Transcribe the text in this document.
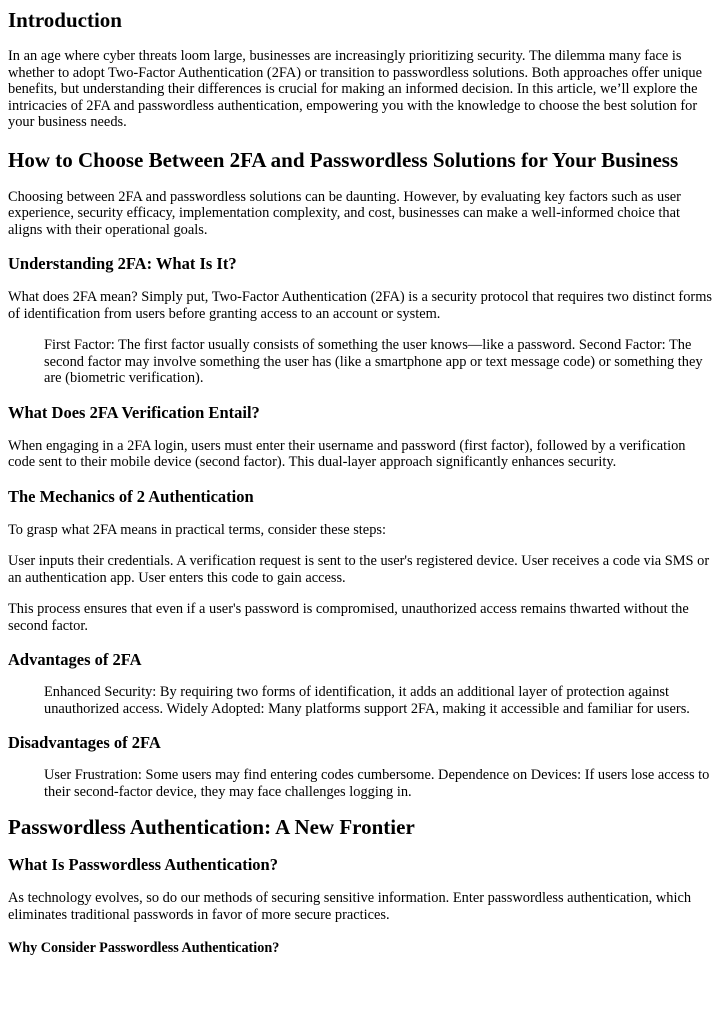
Introduction

In an age where cyber threats loom large, businesses are increasingly prioritizing security. The dilemma many face is whether to adopt Two-Factor Authentication (2FA) or transition to passwordless solutions. Both approaches offer unique benefits, but understanding their differences is crucial for making an informed decision. In this article, we’ll explore the intricacies of 2FA and passwordless authentication, empowering you with the knowledge to choose the best solution for your business needs.

How to Choose Between 2FA and Passwordless Solutions for Your Business

Choosing between 2FA and passwordless solutions can be daunting. However, by evaluating key factors such as user experience, security efficacy, implementation complexity, and cost, businesses can make a well-informed choice that aligns with their operational goals.

Understanding 2FA: What Is It?

What does 2FA mean? Simply put, Two-Factor Authentication (2FA) is a security protocol that requires two distinct forms of identification from users before granting access to an account or system.

First Factor: The first factor usually consists of something the user knows—like a password. Second Factor: The second factor may involve something the user has (like a smartphone app or text message code) or something they are (biometric verification).
What Does 2FA Verification Entail?

When engaging in a 2FA login, users must enter their username and password (first factor), followed by a verification code sent to their mobile device (second factor). This dual-layer approach significantly enhances security.

The Mechanics of 2 Authentication

To grasp what 2FA means in practical terms, consider these steps:

User inputs their credentials. A verification request is sent to the user's registered device. User receives a code via SMS or an authentication app. User enters this code to gain access.

This process ensures that even if a user's password is compromised, unauthorized access remains thwarted without the second factor.

Advantages of 2FA
Enhanced Security: By requiring two forms of identification, it adds an additional layer of protection against unauthorized access. Widely Adopted: Many platforms support 2FA, making it accessible and familiar for users.
Disadvantages of 2FA
User Frustration: Some users may find entering codes cumbersome. Dependence on Devices: If users lose access to their second-factor device, they may face challenges logging in.
Passwordless Authentication: A New Frontier
What Is Passwordless Authentication?

As technology evolves, so do our methods of securing sensitive information. Enter passwordless authentication, which eliminates traditional passwords in favor of more secure practices.

Why Consider Passwordless Authentication?
